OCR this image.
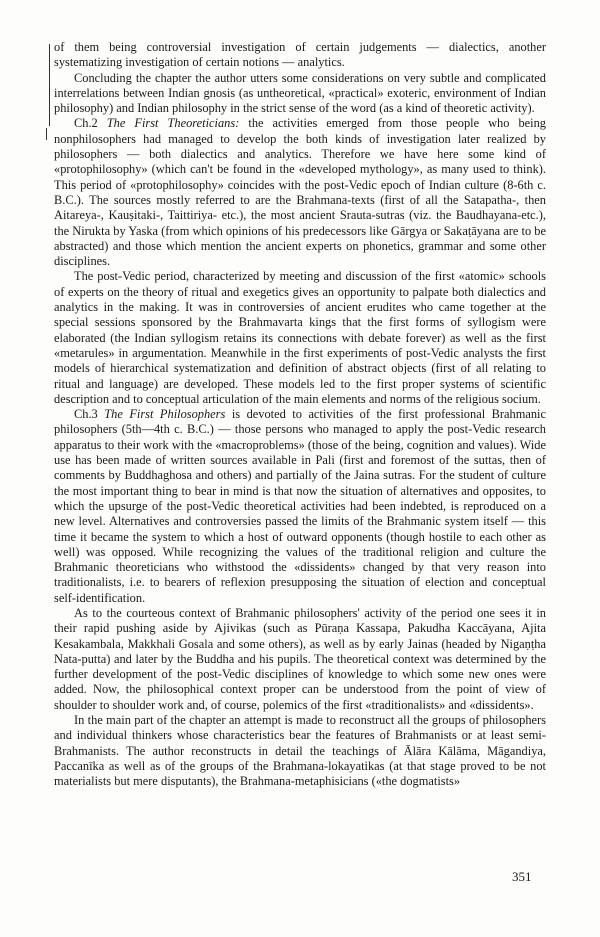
of them being controversial investigation of certain judgements — dialectics, another systematizing investigation of certain notions — analytics.

Concluding the chapter the author utters some considerations on very subtle and complicated interrelations between Indian gnosis (as untheoretical, «practical» exoteric, environment of Indian philosophy) and Indian philosophy in the strict sense of the word (as a kind of theoretic activity).

Ch.2 The First Theoreticians: the activities emerged from those people who being nonphilosophers had managed to develop the both kinds of investigation later realized by philosophers — both dialectics and analytics. Therefore we have here some kind of «protophilosophy» (which can't be found in the «developed mythology», as many used to think). This period of «protophilosophy» coincides with the post-Vedic epoch of Indian culture (8-6th c. B.C.). The sources mostly referred to are the Brahmana-texts (first of all the Satapatha-, then Aitareya-, Kauṣitaki-, Taittiriya- etc.), the most ancient Srauta-sutras (viz. the Baudhayana-etc.), the Nirukta by Yaska (from which opinions of his predecessors like Gārgya or Sakaṭāyana are to be abstracted) and those which mention the ancient experts on phonetics, grammar and some other disciplines.

The post-Vedic period, characterized by meeting and discussion of the first «atomic» schools of experts on the theory of ritual and exegetics gives an opportunity to palpate both dialectics and analytics in the making. It was in controversies of ancient erudites who came together at the special sessions sponsored by the Brahmavarta kings that the first forms of syllogism were elaborated (the Indian syllogism retains its connections with debate forever) as well as the first «metarules» in argumentation. Meanwhile in the first experiments of post-Vedic analysts the first models of hierarchical systematization and definition of abstract objects (first of all relating to ritual and language) are developed. These models led to the first proper systems of scientific description and to conceptual articulation of the main elements and norms of the religious socium.

Ch.3 The First Philosophers is devoted to activities of the first professional Brahmanic philosophers (5th—4th c. B.C.) — those persons who managed to apply the post-Vedic research apparatus to their work with the «macroproblems» (those of the being, cognition and values). Wide use has been made of written sources available in Pali (first and foremost of the suttas, then of comments by Buddhaghosa and others) and partially of the Jaina sutras. For the student of culture the most important thing to bear in mind is that now the situation of alternatives and opposites, to which the upsurge of the post-Vedic theoretical activities had been indebted, is reproduced on a new level. Alternatives and controversies passed the limits of the Brahmanic system itself — this time it became the system to which a host of outward opponents (though hostile to each other as well) was opposed. While recognizing the values of the traditional religion and culture the Brahmanic theoreticians who withstood the «dissidents» changed by that very reason into traditionalists, i.e. to bearers of reflexion presupposing the situation of election and conceptual self-identification.

As to the courteous context of Brahmanic philosophers' activity of the period one sees it in their rapid pushing aside by Ajivikas (such as Pūraṇa Kassapa, Pakudha Kaccāyana, Ajita Kesakambala, Makkhali Gosala and some others), as well as by early Jainas (headed by Nigaṇṭha Nata-putta) and later by the Buddha and his pupils. The theoretical context was determined by the further development of the post-Vedic disciplines of knowledge to which some new ones were added. Now, the philosophical context proper can be understood from the point of view of shoulder to shoulder work and, of course, polemics of the first «traditionalists» and «dissidents».

In the main part of the chapter an attempt is made to reconstruct all the groups of philosophers and individual thinkers whose characteristics bear the features of Brahmanists or at least semi-Brahmanists. The author reconstructs in detail the teachings of Ālāra Kālāma, Māgandiya, Paccanīka as well as of the groups of the Brahmana-lokayatikas (at that stage proved to be not materialists but mere disputants), the Brahmana-metaphisicians («the dogmatists»

351
